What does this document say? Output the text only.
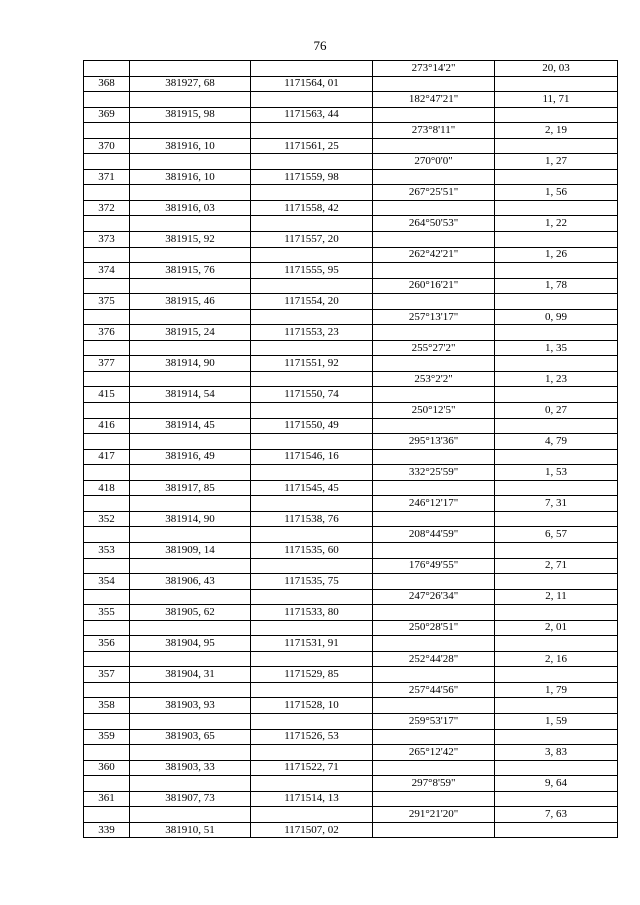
76
			273°14'2"	20, 03
368	381927, 68	1171564, 01		
			182°47'21"	11, 71
369	381915, 98	1171563, 44		
			273°8'11"	2, 19
370	381916, 10	1171561, 25		
			270°0'0"	1, 27
371	381916, 10	1171559, 98		
			267°25'51"	1, 56
372	381916, 03	1171558, 42		
			264°50'53"	1, 22
373	381915, 92	1171557, 20		
			262°42'21"	1, 26
374	381915, 76	1171555, 95		
			260°16'21"	1, 78
375	381915, 46	1171554, 20		
			257°13'17"	0, 99
376	381915, 24	1171553, 23		
			255°27'2"	1, 35
377	381914, 90	1171551, 92		
			253°2'2"	1, 23
415	381914, 54	1171550, 74		
			250°12'5"	0, 27
416	381914, 45	1171550, 49		
			295°13'36"	4, 79
417	381916, 49	1171546, 16		
			332°25'59"	1, 53
418	381917, 85	1171545, 45		
			246°12'17"	7, 31
352	381914, 90	1171538, 76		
			208°44'59"	6, 57
353	381909, 14	1171535, 60		
			176°49'55"	2, 71
354	381906, 43	1171535, 75		
			247°26'34"	2, 11
355	381905, 62	1171533, 80		
			250°28'51"	2, 01
356	381904, 95	1171531, 91		
			252°44'28"	2, 16
357	381904, 31	1171529, 85		
			257°44'56"	1, 79
358	381903, 93	1171528, 10		
			259°53'17"	1, 59
359	381903, 65	1171526, 53		
			265°12'42"	3, 83
360	381903, 33	1171522, 71		
			297°8'59"	9, 64
361	381907, 73	1171514, 13		
			291°21'20"	7, 63
339	381910, 51	1171507, 02		
